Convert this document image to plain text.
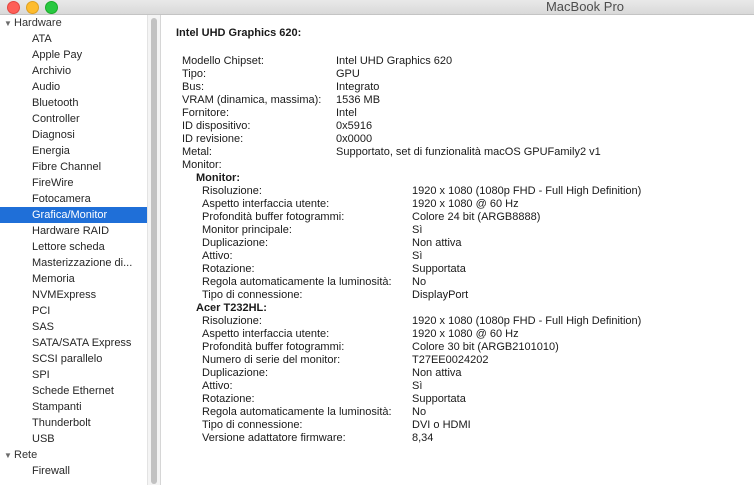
MacBook Pro
▼ Hardware
ATA
Apple Pay
Archivio
Audio
Bluetooth
Controller
Diagnosi
Energia
Fibre Channel
FireWire
Fotocamera
Grafica/Monitor
Hardware RAID
Lettore scheda
Masterizzazione di...
Memoria
NVMExpress
PCI
SAS
SATA/SATA Express
SCSI parallelo
SPI
Schede Ethernet
Stampanti
Thunderbolt
USB
▼ Rete
Firewall
Intel UHD Graphics 620:
Modello Chipset:	Intel UHD Graphics 620
Tipo:	GPU
Bus:	Integrato
VRAM (dinamica, massima): 1536 MB
Fornitore:	Intel
ID dispositivo:	0x5916
ID revisione:	0x0000
Metal:	Supportato, set di funzionalità macOS GPUFamily2 v1
Monitor:
Monitor:
Risoluzione:	1920 x 1080 (1080p FHD - Full High Definition)
Aspetto interfaccia utente:	1920 x 1080 @ 60 Hz
Profondità buffer fotogrammi:	Colore 24 bit (ARGB8888)
Monitor principale:	Sì
Duplicazione:	Non attiva
Attivo:	Sì
Rotazione:	Supportata
Regola automaticamente la luminosità: No
Tipo di connessione:	DisplayPort
Acer T232HL:
Risoluzione:	1920 x 1080 (1080p FHD - Full High Definition)
Aspetto interfaccia utente:	1920 x 1080 @ 60 Hz
Profondità buffer fotogrammi:	Colore 30 bit (ARGB2101010)
Numero di serie del monitor:	T27EE0024202
Duplicazione:	Non attiva
Attivo:	Sì
Rotazione:	Supportata
Regola automaticamente la luminosità: No
Tipo di connessione:	DVI o HDMI
Versione adattatore firmware:	8,34
